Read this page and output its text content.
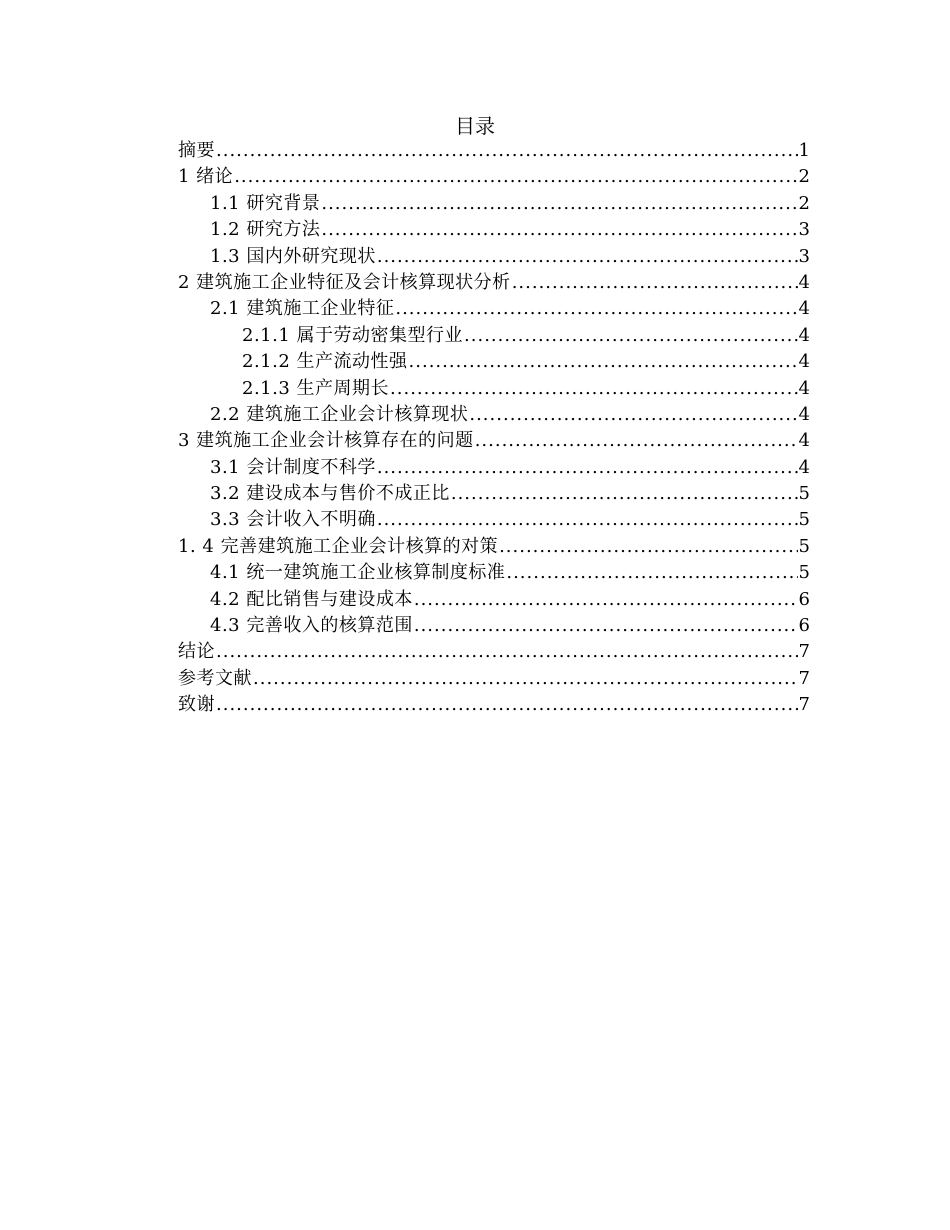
目录
摘要 .....	1
1 绪论 .....	2
1.1 研究背景 .....	2
1.2 研究方法 .....	3
1.3 国内外研究现状 .....	3
2 建筑施工企业特征及会计核算现状分析 .....	4
2.1 建筑施工企业特征 .....	4
2.1.1 属于劳动密集型行业 .....	4
2.1.2 生产流动性强 .....	4
2.1.3 生产周期长 .....	4
2.2 建筑施工企业会计核算现状 .....	4
3 建筑施工企业会计核算存在的问题 .....	4
3.1 会计制度不科学 .....	4
3.2 建设成本与售价不成正比 .....	5
3.3 会计收入不明确 .....	5
1. 4 完善建筑施工企业会计核算的对策 .....	5
4.1 统一建筑施工企业核算制度标准 .....	5
4.2 配比销售与建设成本 .....	6
4.3 完善收入的核算范围 .....	6
结论 .....	7
参考文献 .....	7
致谢 .....	7
